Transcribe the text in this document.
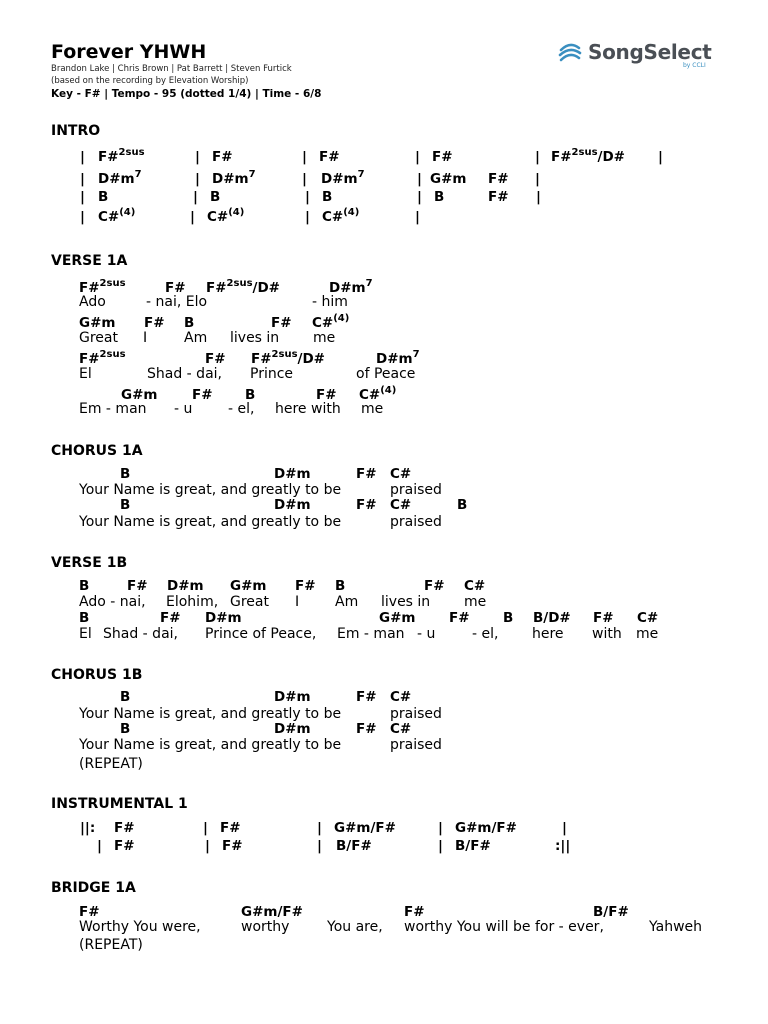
Forever YHWH
Brandon Lake | Chris Brown | Pat Barrett | Steven Furtick
(based on the recording by Elevation Worship)
Key - F# | Tempo - 95 (dotted 1/4) | Time - 6/8
SongSelect
by CCLI
INTRO
| F#$^{2sus}$	| F#	| F#	| F#	| F#$^{2sus}$/D# |
| $D\#m^7$	| $D\#m^7$	| $D\#m^7$	| G#m F# |
| B	| B	| B	| B	F# |
| C#$^{(4)}$	| C#$^{(4)}$	| C#$^{(4)}$	|
VERSE 1A
F#$^{2sus}$	F# F#$^{2sus}$/D#	$D\#m^7$
Ado	- nai, Elo	- him
G#m F# B	F# C#$^{(4)}$
Great I	Am lives in me
F#$^{2sus}$	F# F#$^{2sus}$/D#	$D\#m^7$
El	Shad - dai, Prince	of Peace
G#m	F# B	F# C#$^{(4)}$
Em - man - u	- el, here with me
CHORUS 1A
B	D#m	F# C#
Your Name is great, and greatly to be	praised
B	D#m	F# C#	B
Your Name is great, and greatly to be	praised
VERSE 1B
B	F# D#m G#m F# B	F# C#
Ado - nai, Elohim, Great I	Am lives in me
B	F# D#m	G#m F# B B/D# F# C#
El Shad - dai, Prince of Peace, Em - man - u	- el, here with me
CHORUS 1B
B	D#m	F# C#
Your Name is great, and greatly to be	praised
B	D#m	F# C#
Your Name is great, and greatly to be	praised
(REPEAT)
INSTRUMENTAL 1
||: F#	| F#	| G#m/F#	| G#m/F#	|
| F#	| F#	| B/F#	| B/F#	:||
BRIDGE 1A
F#	G#m/F#	F#	B/F#
Worthy You were,	worthy	You are, worthy You will be for - ever,	Yahweh
(REPEAT)
